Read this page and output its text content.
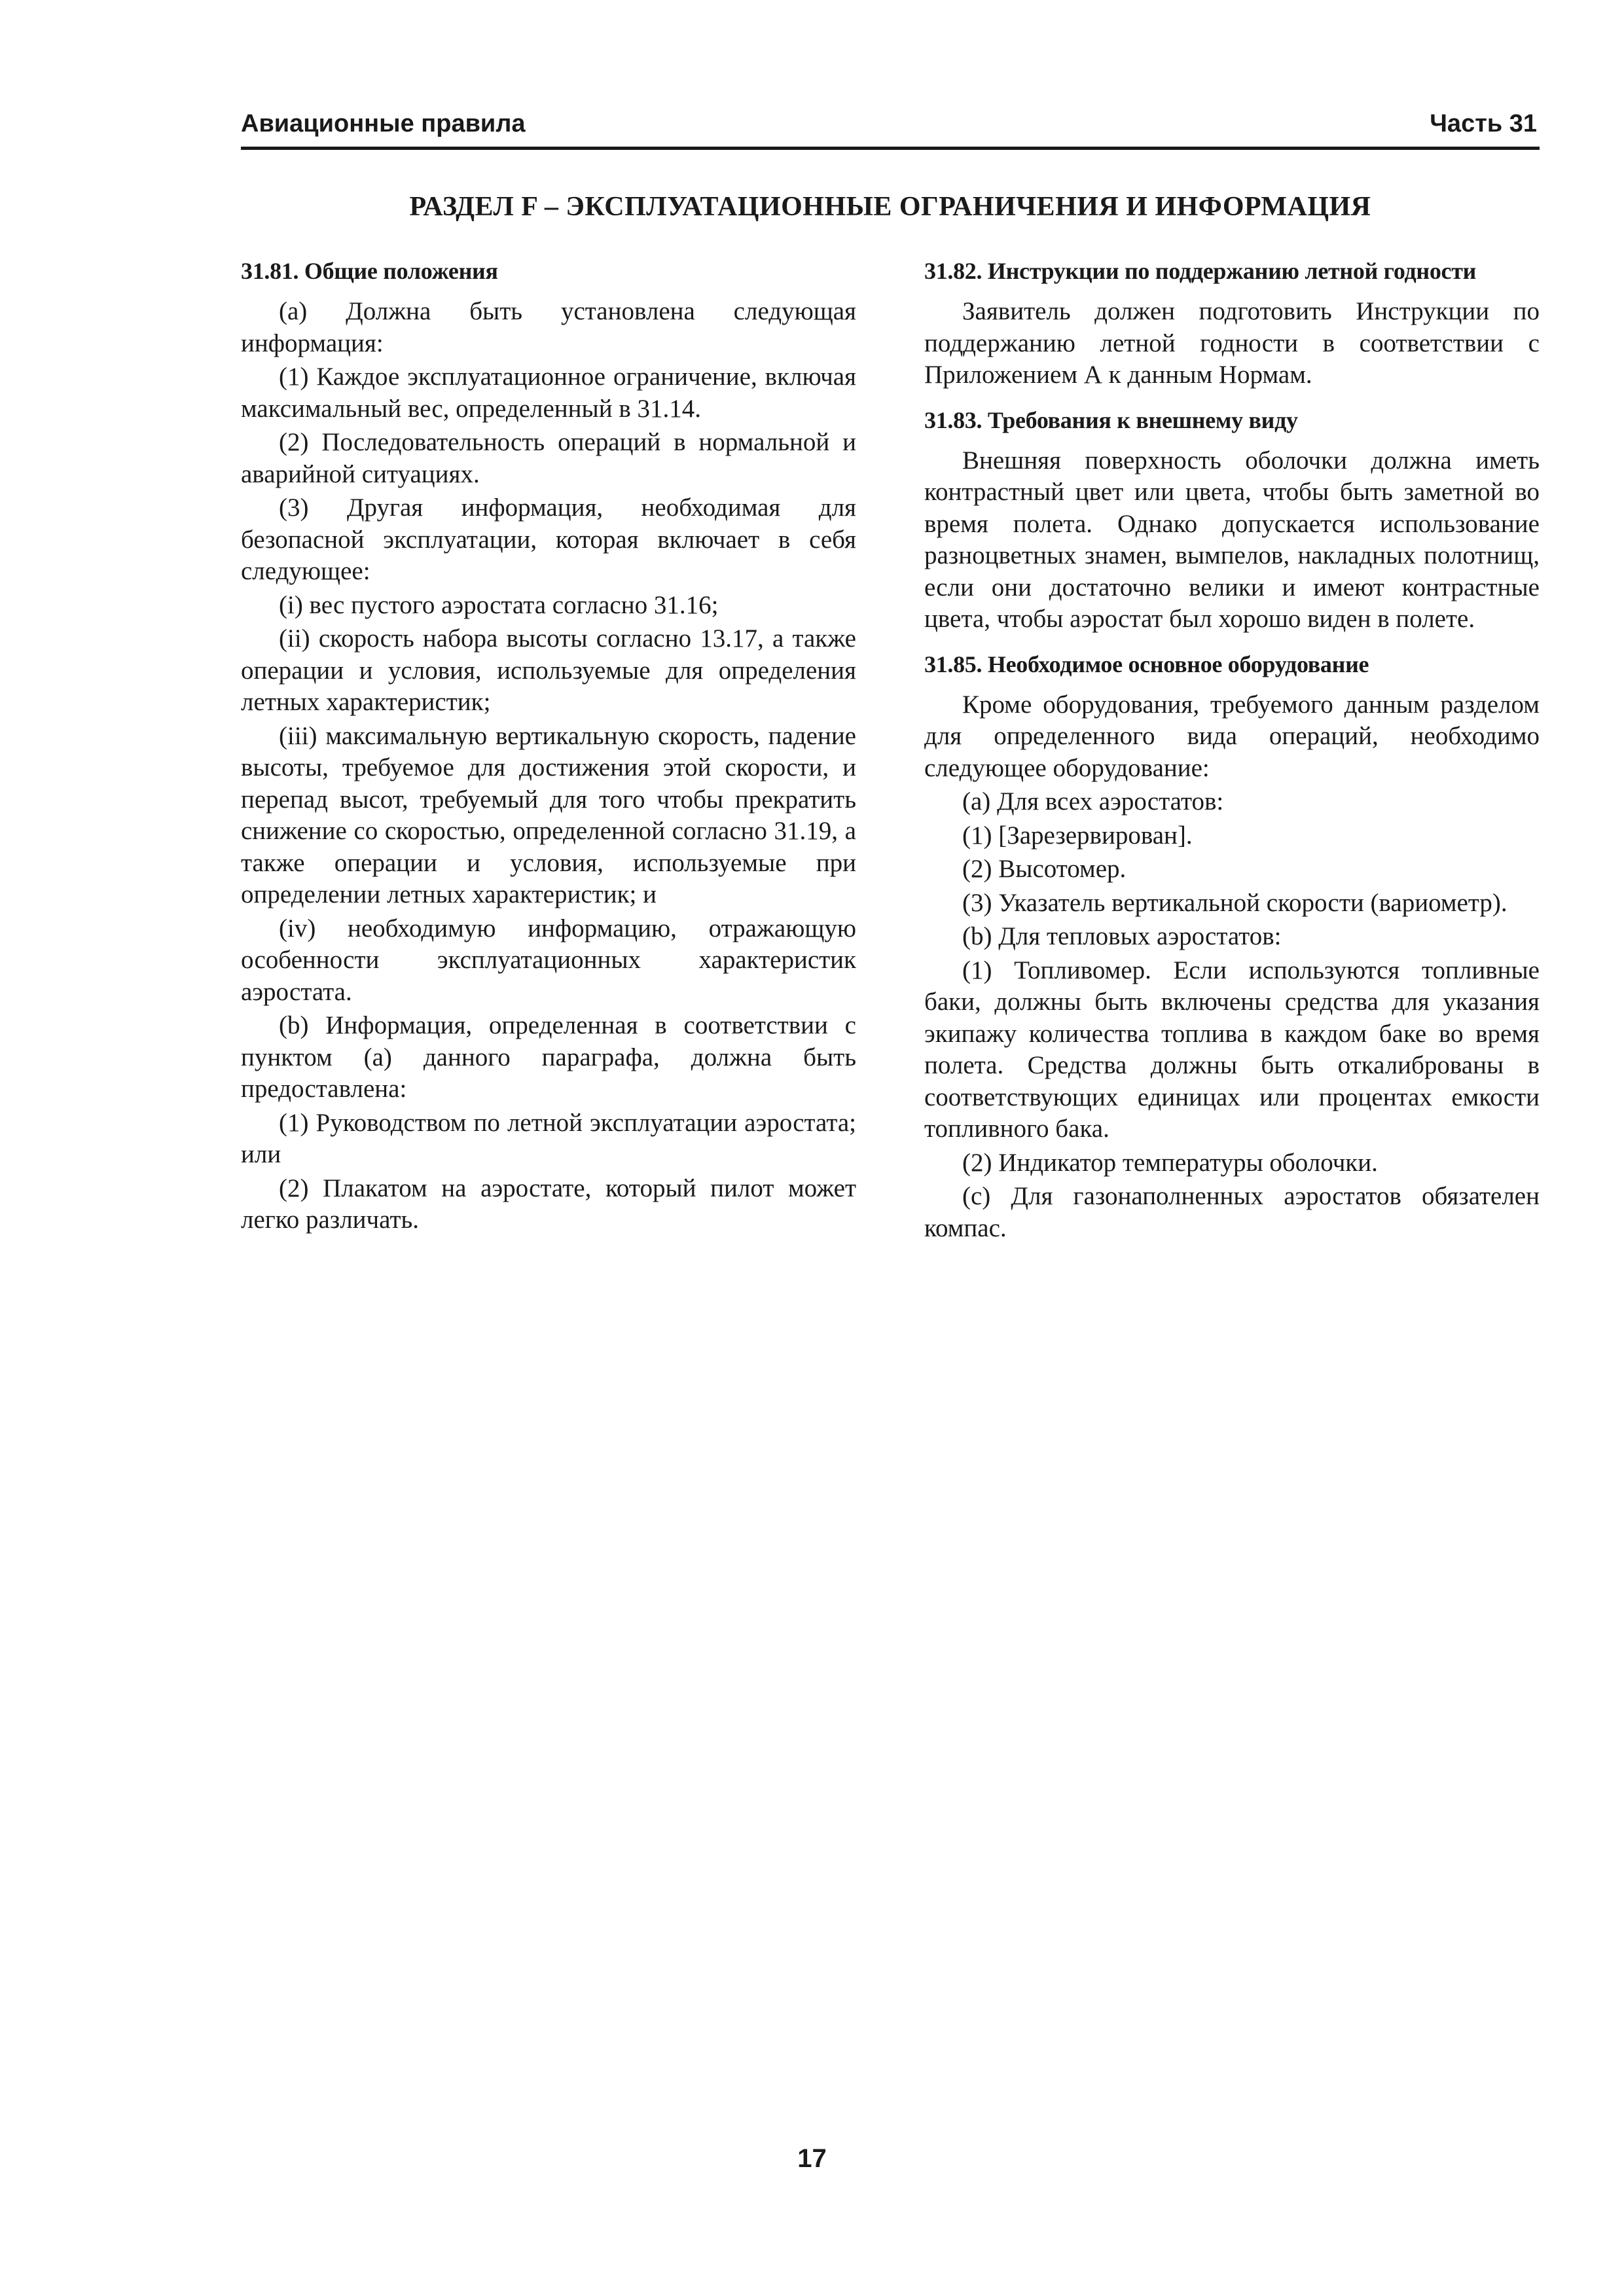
Авиационные правила	Часть 31
РАЗДЕЛ F – ЭКСПЛУАТАЦИОННЫЕ ОГРАНИЧЕНИЯ И ИНФОРМАЦИЯ
31.81. Общие положения

(a) Должна быть установлена следующая информация:

(1) Каждое эксплуатационное ограничение, включая максимальный вес, определенный в 31.14.

(2) Последовательность операций в нормальной и аварийной ситуациях.

(3) Другая информация, необходимая для безопасной эксплуатации, которая включает в себя следующее:

(i) вес пустого аэростата согласно 31.16;

(ii) скорость набора высоты согласно 13.17, а также операции и условия, используемые для определения летных характеристик;

(iii) максимальную вертикальную скорость, падение высоты, требуемое для достижения этой скорости, и перепад высот, требуемый для того чтобы прекратить снижение со скоростью, определенной согласно 31.19, а также операции и условия, используемые при определении летных характеристик; и

(iv) необходимую информацию, отражающую особенности эксплуатационных характеристик аэростата.

(b) Информация, определенная в соответствии с пунктом (a) данного параграфа, должна быть предоставлена:

(1) Руководством по летной эксплуатации аэростата; или

(2) Плакатом на аэростате, который пилот может легко различать.

31.82. Инструкции по поддержанию летной годности

Заявитель должен подготовить Инструкции по поддержанию летной годности в соответствии с Приложением А к данным Нормам.

31.83. Требования к внешнему виду

Внешняя поверхность оболочки должна иметь контрастный цвет или цвета, чтобы быть заметной во время полета. Однако допускается использование разноцветных знамен, вымпелов, накладных полотнищ, если они достаточно велики и имеют контрастные цвета, чтобы аэростат был хорошо виден в полете.

31.85. Необходимое основное оборудование

Кроме оборудования, требуемого данным разделом для определенного вида операций, необходимо следующее оборудование:

(a) Для всех аэростатов:

(1) [Зарезервирован].

(2) Высотомер.

(3) Указатель вертикальной скорости (вариометр).

(b) Для тепловых аэростатов:

(1) Топливомер. Если используются топливные баки, должны быть включены средства для указания экипажу количества топлива в каждом баке во время полета. Средства должны быть откалиброваны в соответствующих единицах или процентах емкости топливного бака.

(2) Индикатор температуры оболочки.

(c) Для газонаполненных аэростатов обязателен компас.

17
